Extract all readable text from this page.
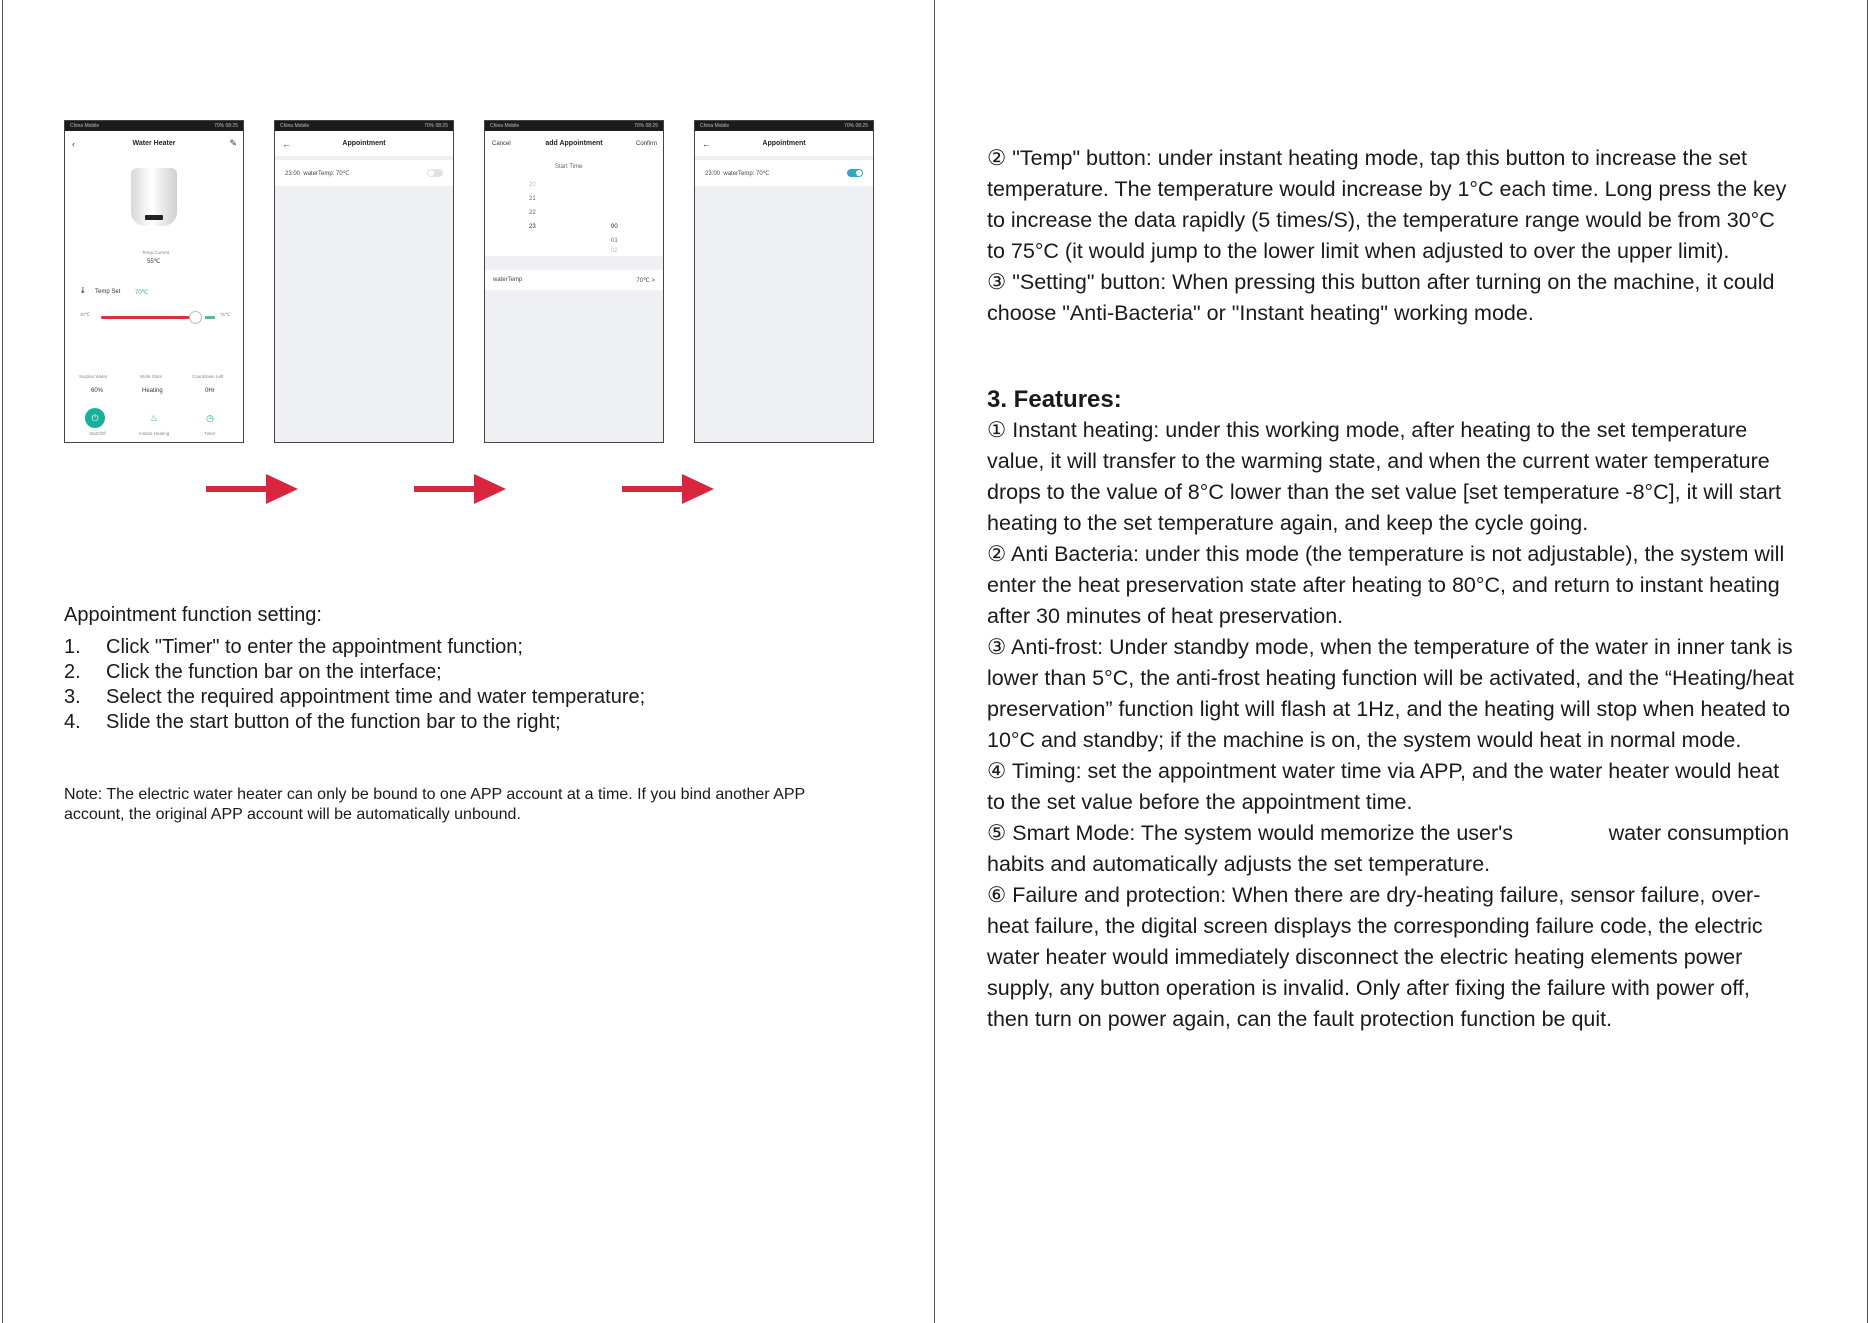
China Mobile	70% 08:25
‹	Water Heater	✎
Temp Current
55℃
🌡 Temp Set 70℃
30℃	75℃
Surplus Water	Work Stats	Countdown Left
60%	Heating	0Hr
⏻	♨	◷
Start/Off	Instant Heating	Timer
China Mobile	70% 08:25
←	Appointment
23:00 waterTemp: 70℃
China Mobile	70% 08:25
Cancel	add Appointment	Confirm
Start Time
20
21
22
23	00
01
02
waterTemp	70℃ >
China Mobile	70% 08:25
←	Appointment
23:00 waterTemp: 70℃
Appointment function setting:
1.	Click "Timer" to enter the appointment function;
2.	Click the function bar on the interface;
3.	Select the required appointment time and water temperature;
4.	Slide the start button of the function bar to the right;
Note: The electric water heater can only be bound to one APP account at a time. If you bind another APP account, the original APP account will be automatically unbound.

② "Temp" button: under instant heating mode, tap this button to increase the set temperature. The temperature would increase by 1°C each time. Long press the key to increase the data rapidly (5 times/S), the temperature range would be from 30°C to 75°C (it would jump to the lower limit when adjusted to over the upper limit).

③ "Setting" button: When pressing this button after turning on the machine, it could choose "Anti-Bacteria" or "Instant heating" working mode.

3. Features:

① Instant heating: under this working mode, after heating to the set temperature value, it will transfer to the warming state, and when the current water temperature drops to the value of 8°C lower than the set value [set temperature -8°C], it will start heating to the set temperature again, and keep the cycle going.

② Anti Bacteria: under this mode (the temperature is not adjustable), the system will enter the heat preservation state after heating to 80°C, and return to instant heating after 30 minutes of heat preservation.

③ Anti-frost: Under standby mode, when the temperature of the water in inner tank is lower than 5°C, the anti-frost heating function will be activated, and the “Heating/heat preservation” function light will flash at 1Hz, and the heating will stop when heated to 10°C and standby; if the machine is on, the system would heat in normal mode.

④ Timing: set the appointment water time via APP, and the water heater would heat to the set value before the appointment time.

⑤ Smart Mode: The system would memorize the user's                water consumption habits and automatically adjusts the set temperature.

⑥ Failure and protection: When there are dry-heating failure, sensor failure, over-heat failure, the digital screen displays the corresponding failure code, the electric water heater would immediately disconnect the electric heating elements power supply, any button operation is invalid. Only after fixing the failure with power off, then turn on power again, can the fault protection function be quit.
